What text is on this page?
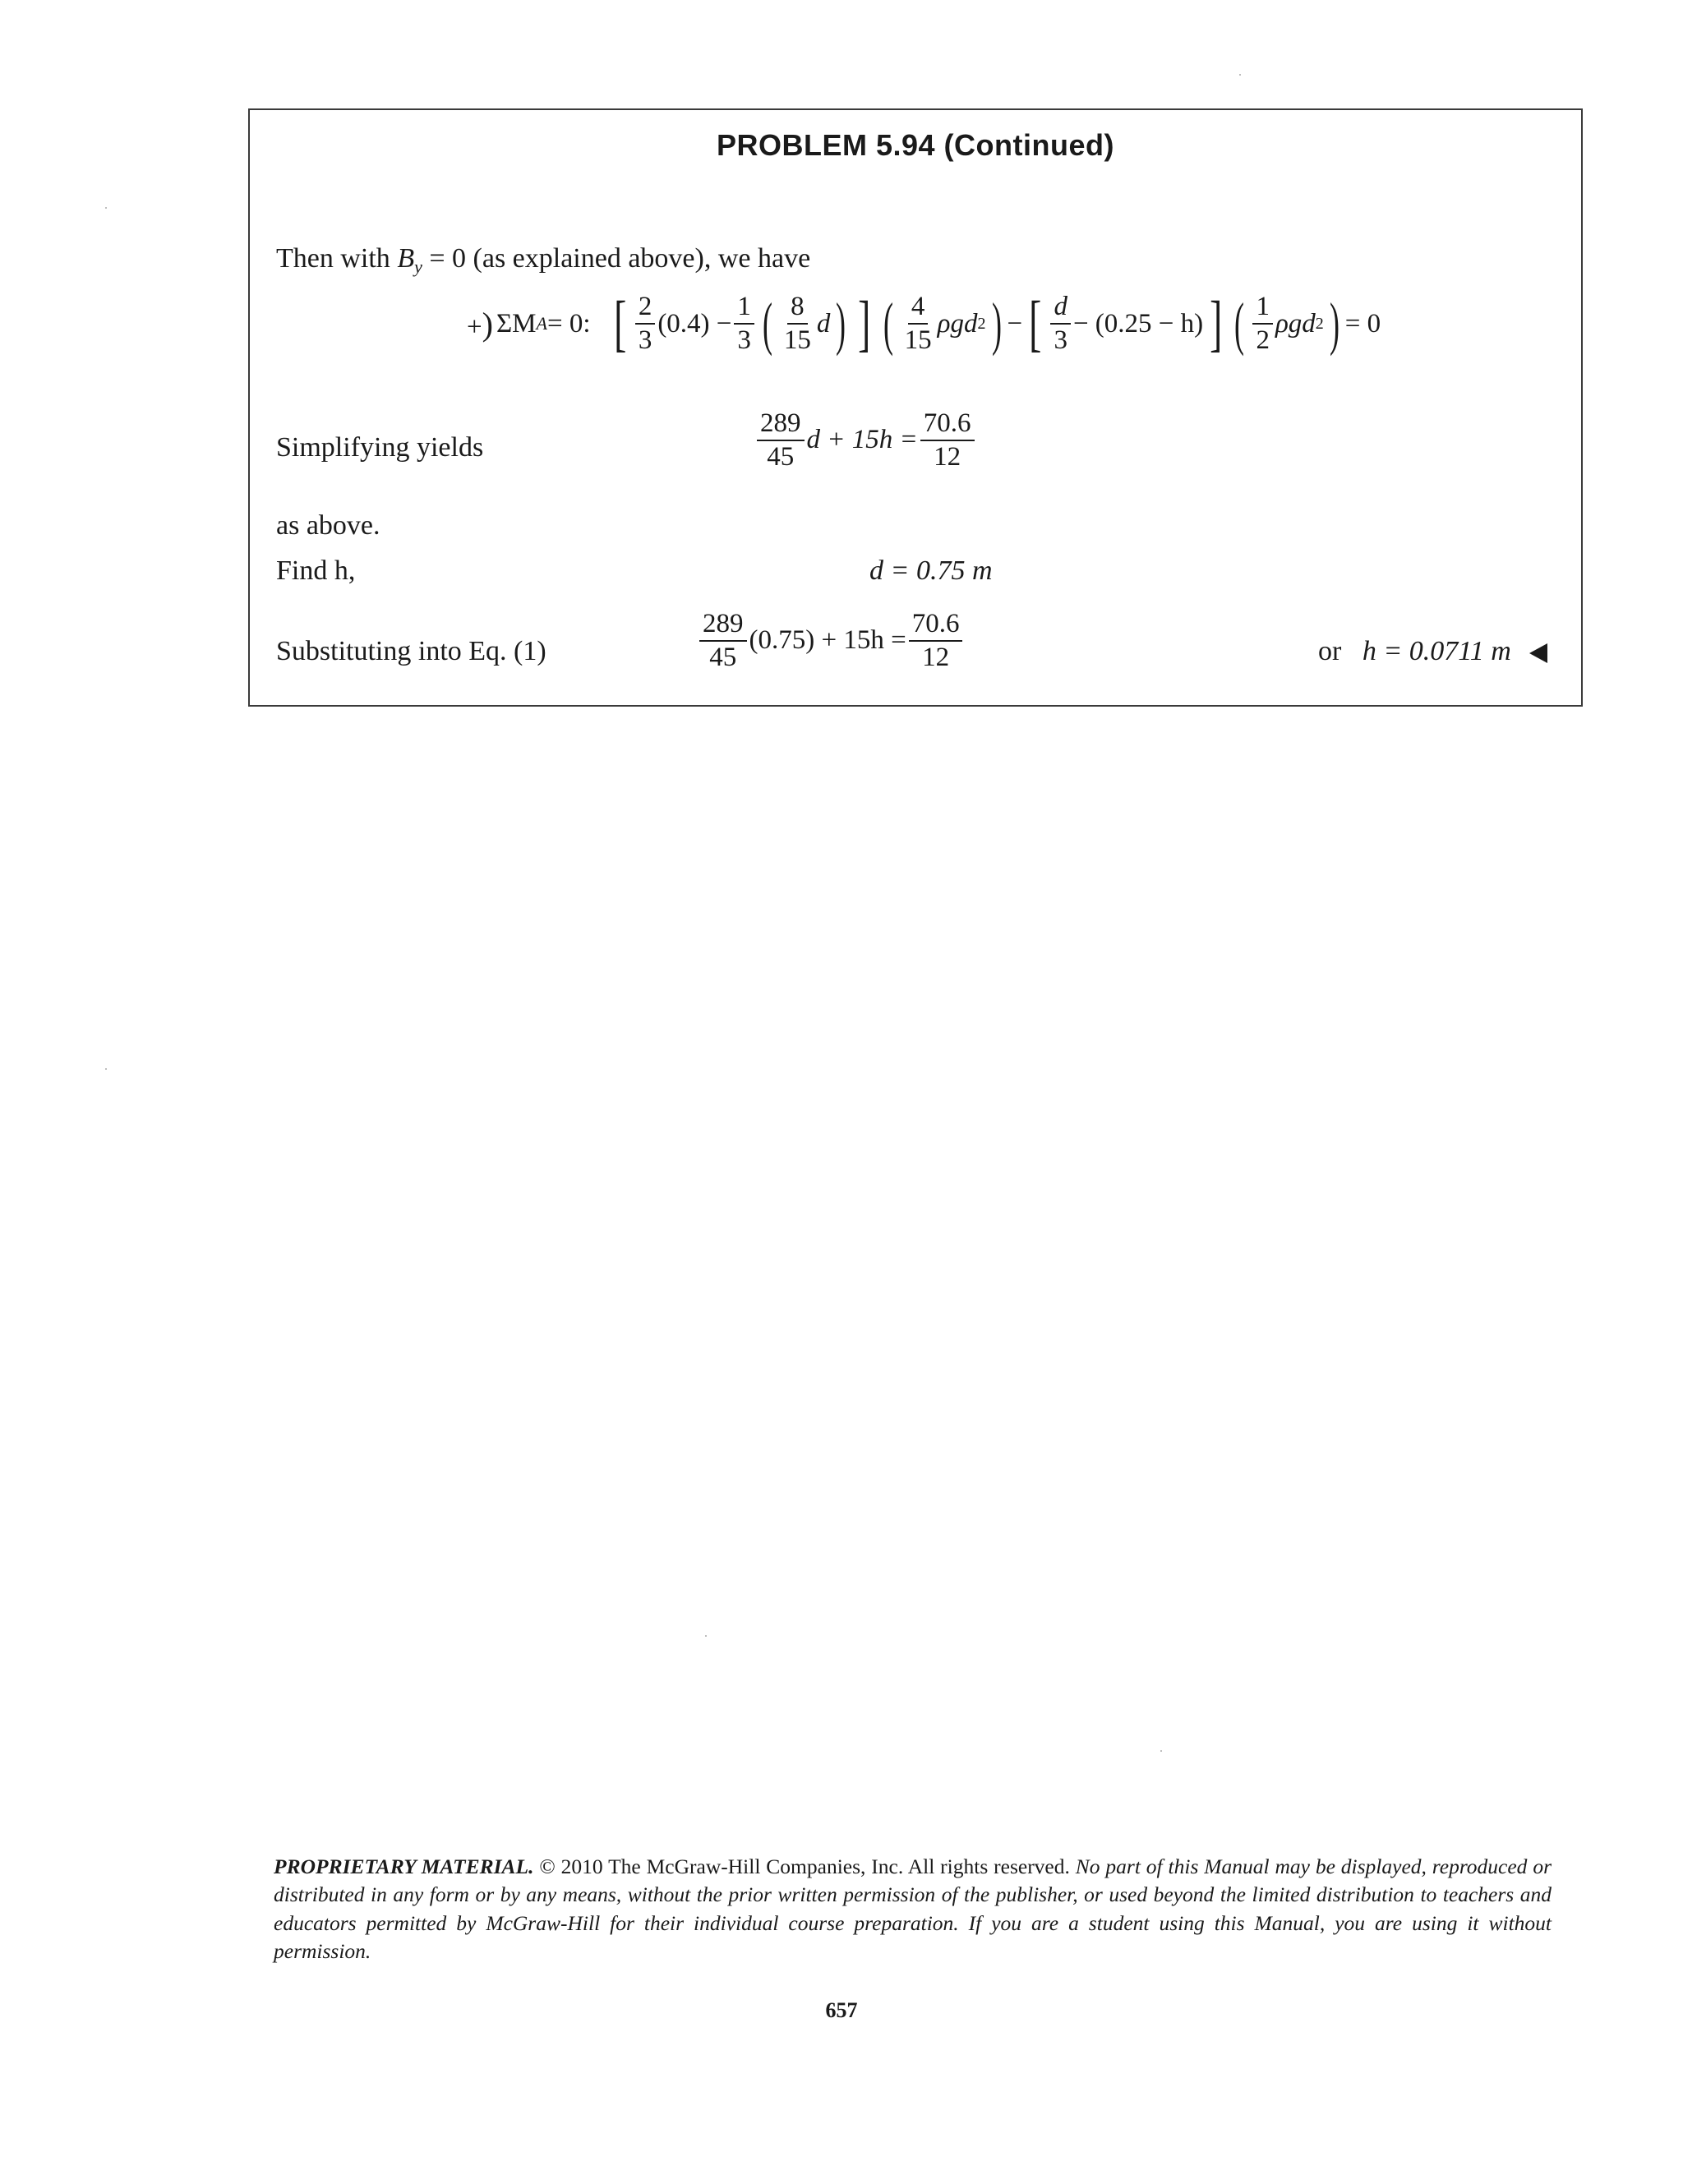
PROBLEM 5.94 (Continued)
Then with $B_y = 0$ (as explained above), we have
+) ΣM A = 0: [ $\frac{2}{3} (0.4) - \frac{1}{3}$ ( $\frac{8}{15}$ d ) ] ( $\frac{4}{15}$ ρgd 2 ) − [ $\frac{d}{3} - (0.25 - h)$ ] ( $\frac{1}{2}$ ρgd 2 ) = 0
Simplifying yields	$\frac{289}{45}$ $d + 15h = \frac{70.6}{12}$
as above.
Find h,	d = 0.75 m
Substituting into Eq. (1)	$\frac{289}{45} (0.75) + 15h = \frac{70.6}{12}$	or h = 0.0711 m
PROPRIETARY MATERIAL. © 2010 The McGraw-Hill Companies, Inc. All rights reserved. No part of this Manual may be displayed, reproduced or distributed in any form or by any means, without the prior written permission of the publisher, or used beyond the limited distribution to teachers and educators permitted by McGraw-Hill for their individual course preparation. If you are a student using this Manual, you are using it without permission.
657
